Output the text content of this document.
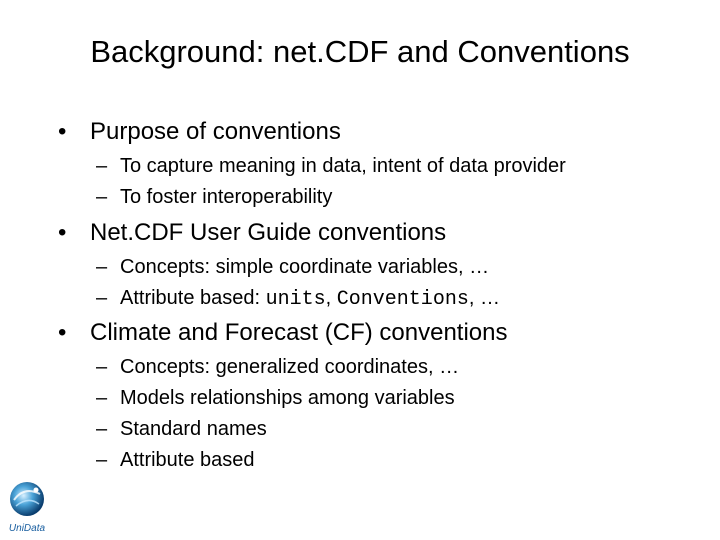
Background: net.CDF and Conventions
• Purpose of conventions
– To capture meaning in data, intent of data provider
– To foster interoperability
• Net.CDF User Guide conventions
– Concepts: simple coordinate variables, …
– Attribute based: units, Conventions, …
• Climate and Forecast (CF) conventions
– Concepts: generalized coordinates, …
– Models relationships among variables
– Standard names
– Attribute based
UniData
